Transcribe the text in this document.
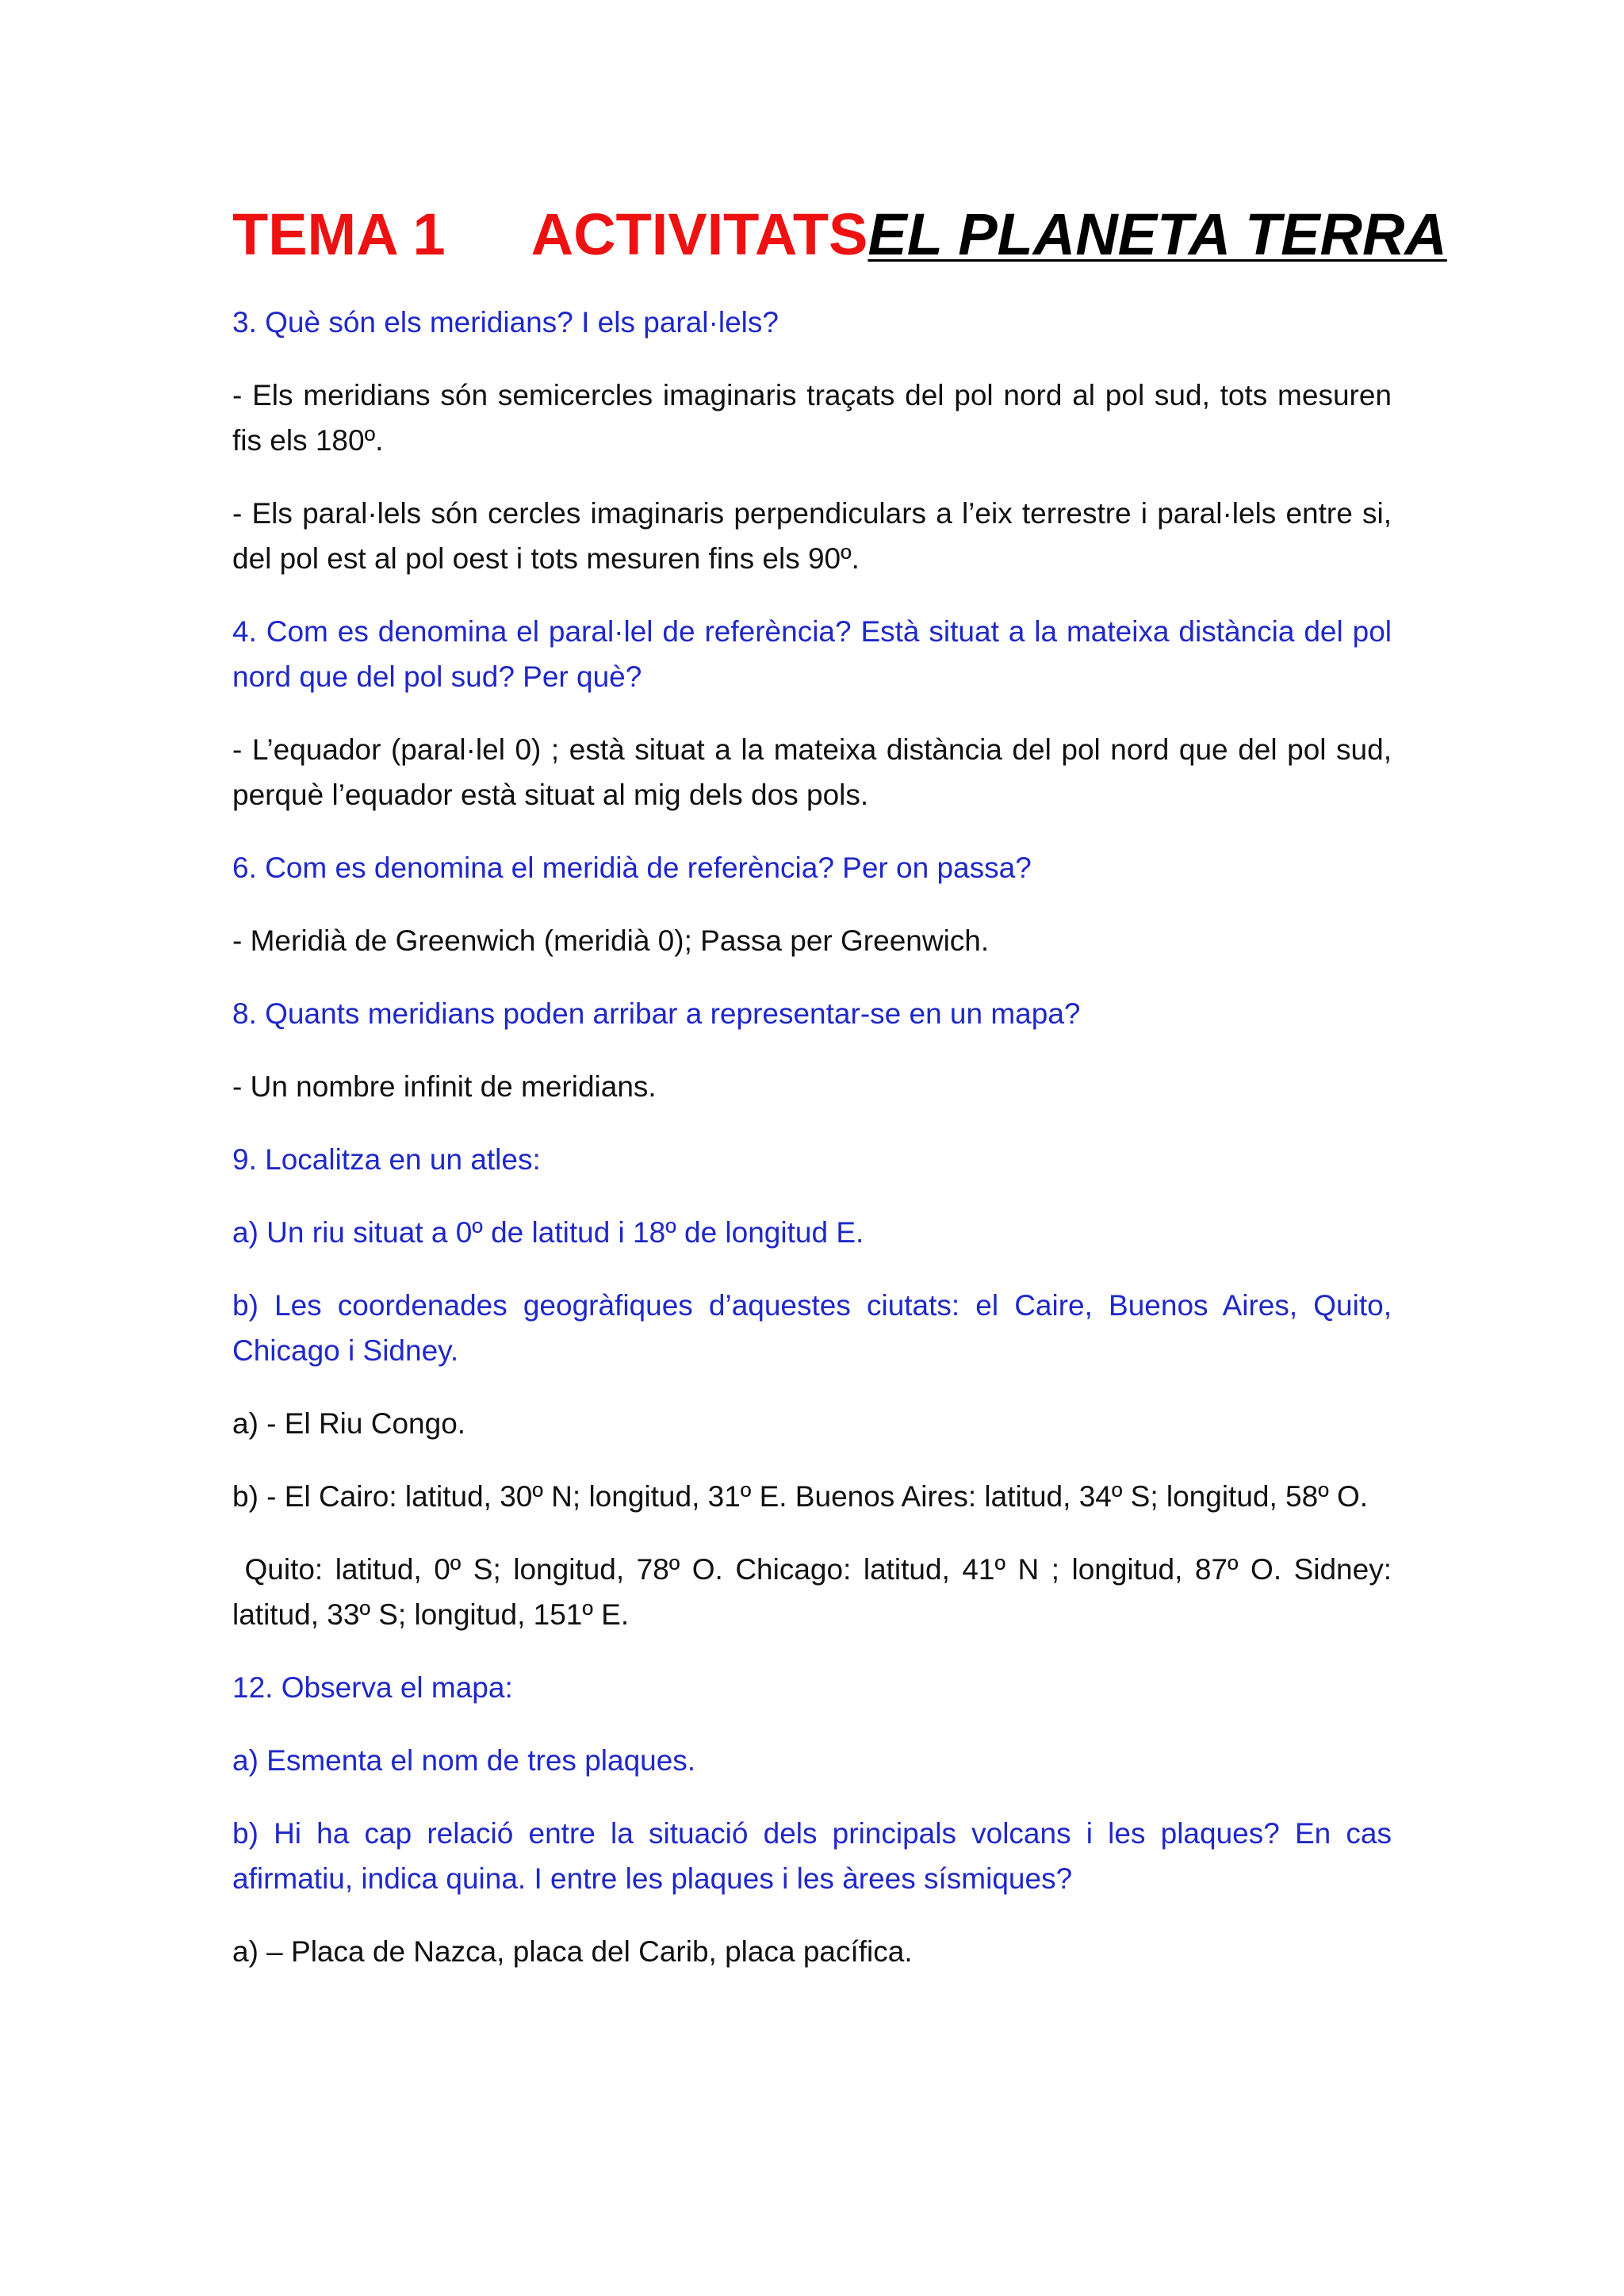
TEMA 1 ACTIVITATSEL PLANETA TERRA

3. Què són els meridians? I els paral·lels?

- Els meridians són semicercles imaginaris traçats del pol nord al pol sud, tots mesuren fis els 180º.

- Els paral·lels són cercles imaginaris perpendiculars a l’eix terrestre i paral·lels entre si, del pol est al pol oest i tots mesuren fins els 90º.

4. Com es denomina el paral·lel de referència? Està situat a la mateixa distància del pol nord que del pol sud? Per què?

- L’equador (paral·lel 0) ; està situat a la mateixa distància del pol nord que del pol sud, perquè l’equador està situat al mig dels dos pols.

6. Com es denomina el meridià de referència? Per on passa?

- Meridià de Greenwich (meridià 0); Passa per Greenwich.

8. Quants meridians poden arribar a representar-se en un mapa?

- Un nombre infinit de meridians.

9. Localitza en un atles:

a) Un riu situat a 0º de latitud i 18º de longitud E.

b) Les coordenades geogràfiques d’aquestes ciutats: el Caire, Buenos Aires, Quito, Chicago i Sidney.

a) - El Riu Congo.

b) - El Cairo: latitud, 30º N; longitud, 31º E. Buenos Aires: latitud, 34º S; longitud, 58º O.

Quito: latitud, 0º S; longitud, 78º O. Chicago: latitud, 41º N ; longitud, 87º O. Sidney: latitud, 33º S; longitud, 151º E.

12. Observa el mapa:

a) Esmenta el nom de tres plaques.

b) Hi ha cap relació entre la situació dels principals volcans i les plaques? En cas afirmatiu, indica quina. I entre les plaques i les àrees sísmiques?

a) – Placa de Nazca, placa del Carib, placa pacífica.
